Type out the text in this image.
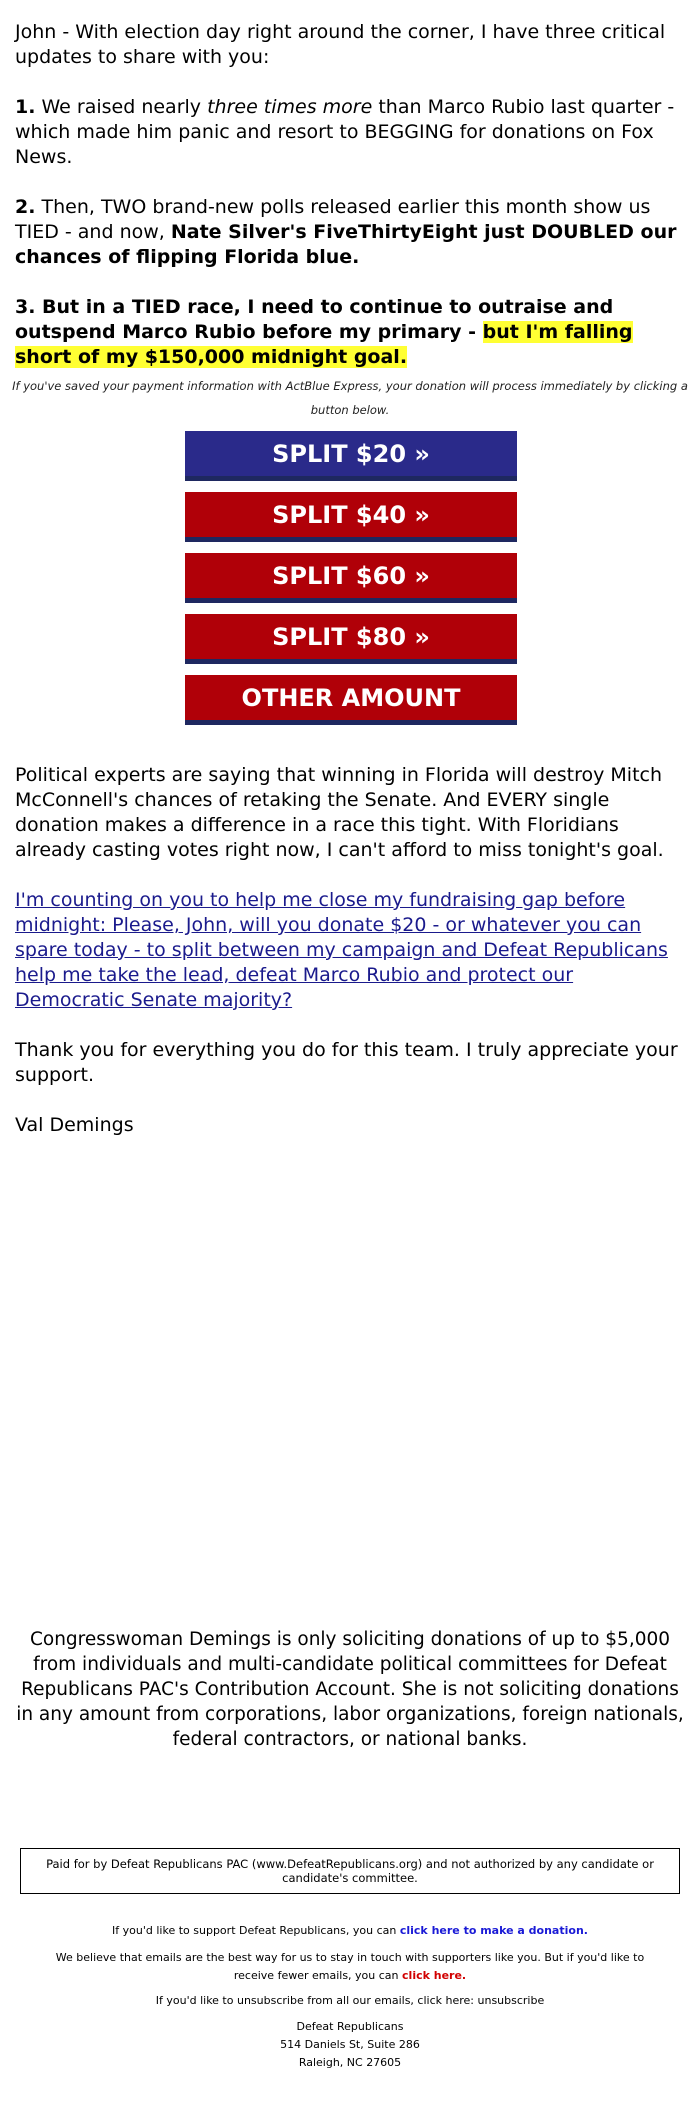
John - With election day right around the corner, I have three critical updates to share with you:

1. We raised nearly three times more than Marco Rubio last quarter - which made him panic and resort to BEGGING for donations on Fox News.

2. Then, TWO brand-new polls released earlier this month show us TIED - and now, Nate Silver's FiveThirtyEight just DOUBLED our chances of flipping Florida blue.

3. But in a TIED race, I need to continue to outraise and outspend Marco Rubio before my primary - but I'm falling short of my $150,000 midnight goal.

If you've saved your payment information with ActBlue Express, your donation will process immediately by clicking a button below.
SPLIT $20 »
SPLIT $40 »
SPLIT $60 »
SPLIT $80 »
OTHER AMOUNT

Political experts are saying that winning in Florida will destroy Mitch McConnell's chances of retaking the Senate. And EVERY single donation makes a difference in a race this tight. With Floridians already casting votes right now, I can't afford to miss tonight's goal.

I'm counting on you to help me close my fundraising gap before midnight: Please, John, will you donate $20 - or whatever you can spare today - to split between my campaign and Defeat Republicans help me take the lead, defeat Marco Rubio and protect our Democratic Senate majority?

Thank you for everything you do for this team. I truly appreciate your support.

Val Demings

Congresswoman Demings is only soliciting donations of up to $5,000 from individuals and multi-candidate political committees for Defeat Republicans PAC's Contribution Account. She is not soliciting donations in any amount from corporations, labor organizations, foreign nationals, federal contractors, or national banks.
Paid for by Defeat Republicans PAC (www.DefeatRepublicans.org) and not authorized by any candidate or candidate's committee.
If you'd like to support Defeat Republicans, you can click here to make a donation.
We believe that emails are the best way for us to stay in touch with supporters like you. But if you'd like to receive fewer emails, you can click here.
If you'd like to unsubscribe from all our emails, click here: unsubscribe
Defeat Republicans
514 Daniels St, Suite 286
Raleigh, NC 27605
